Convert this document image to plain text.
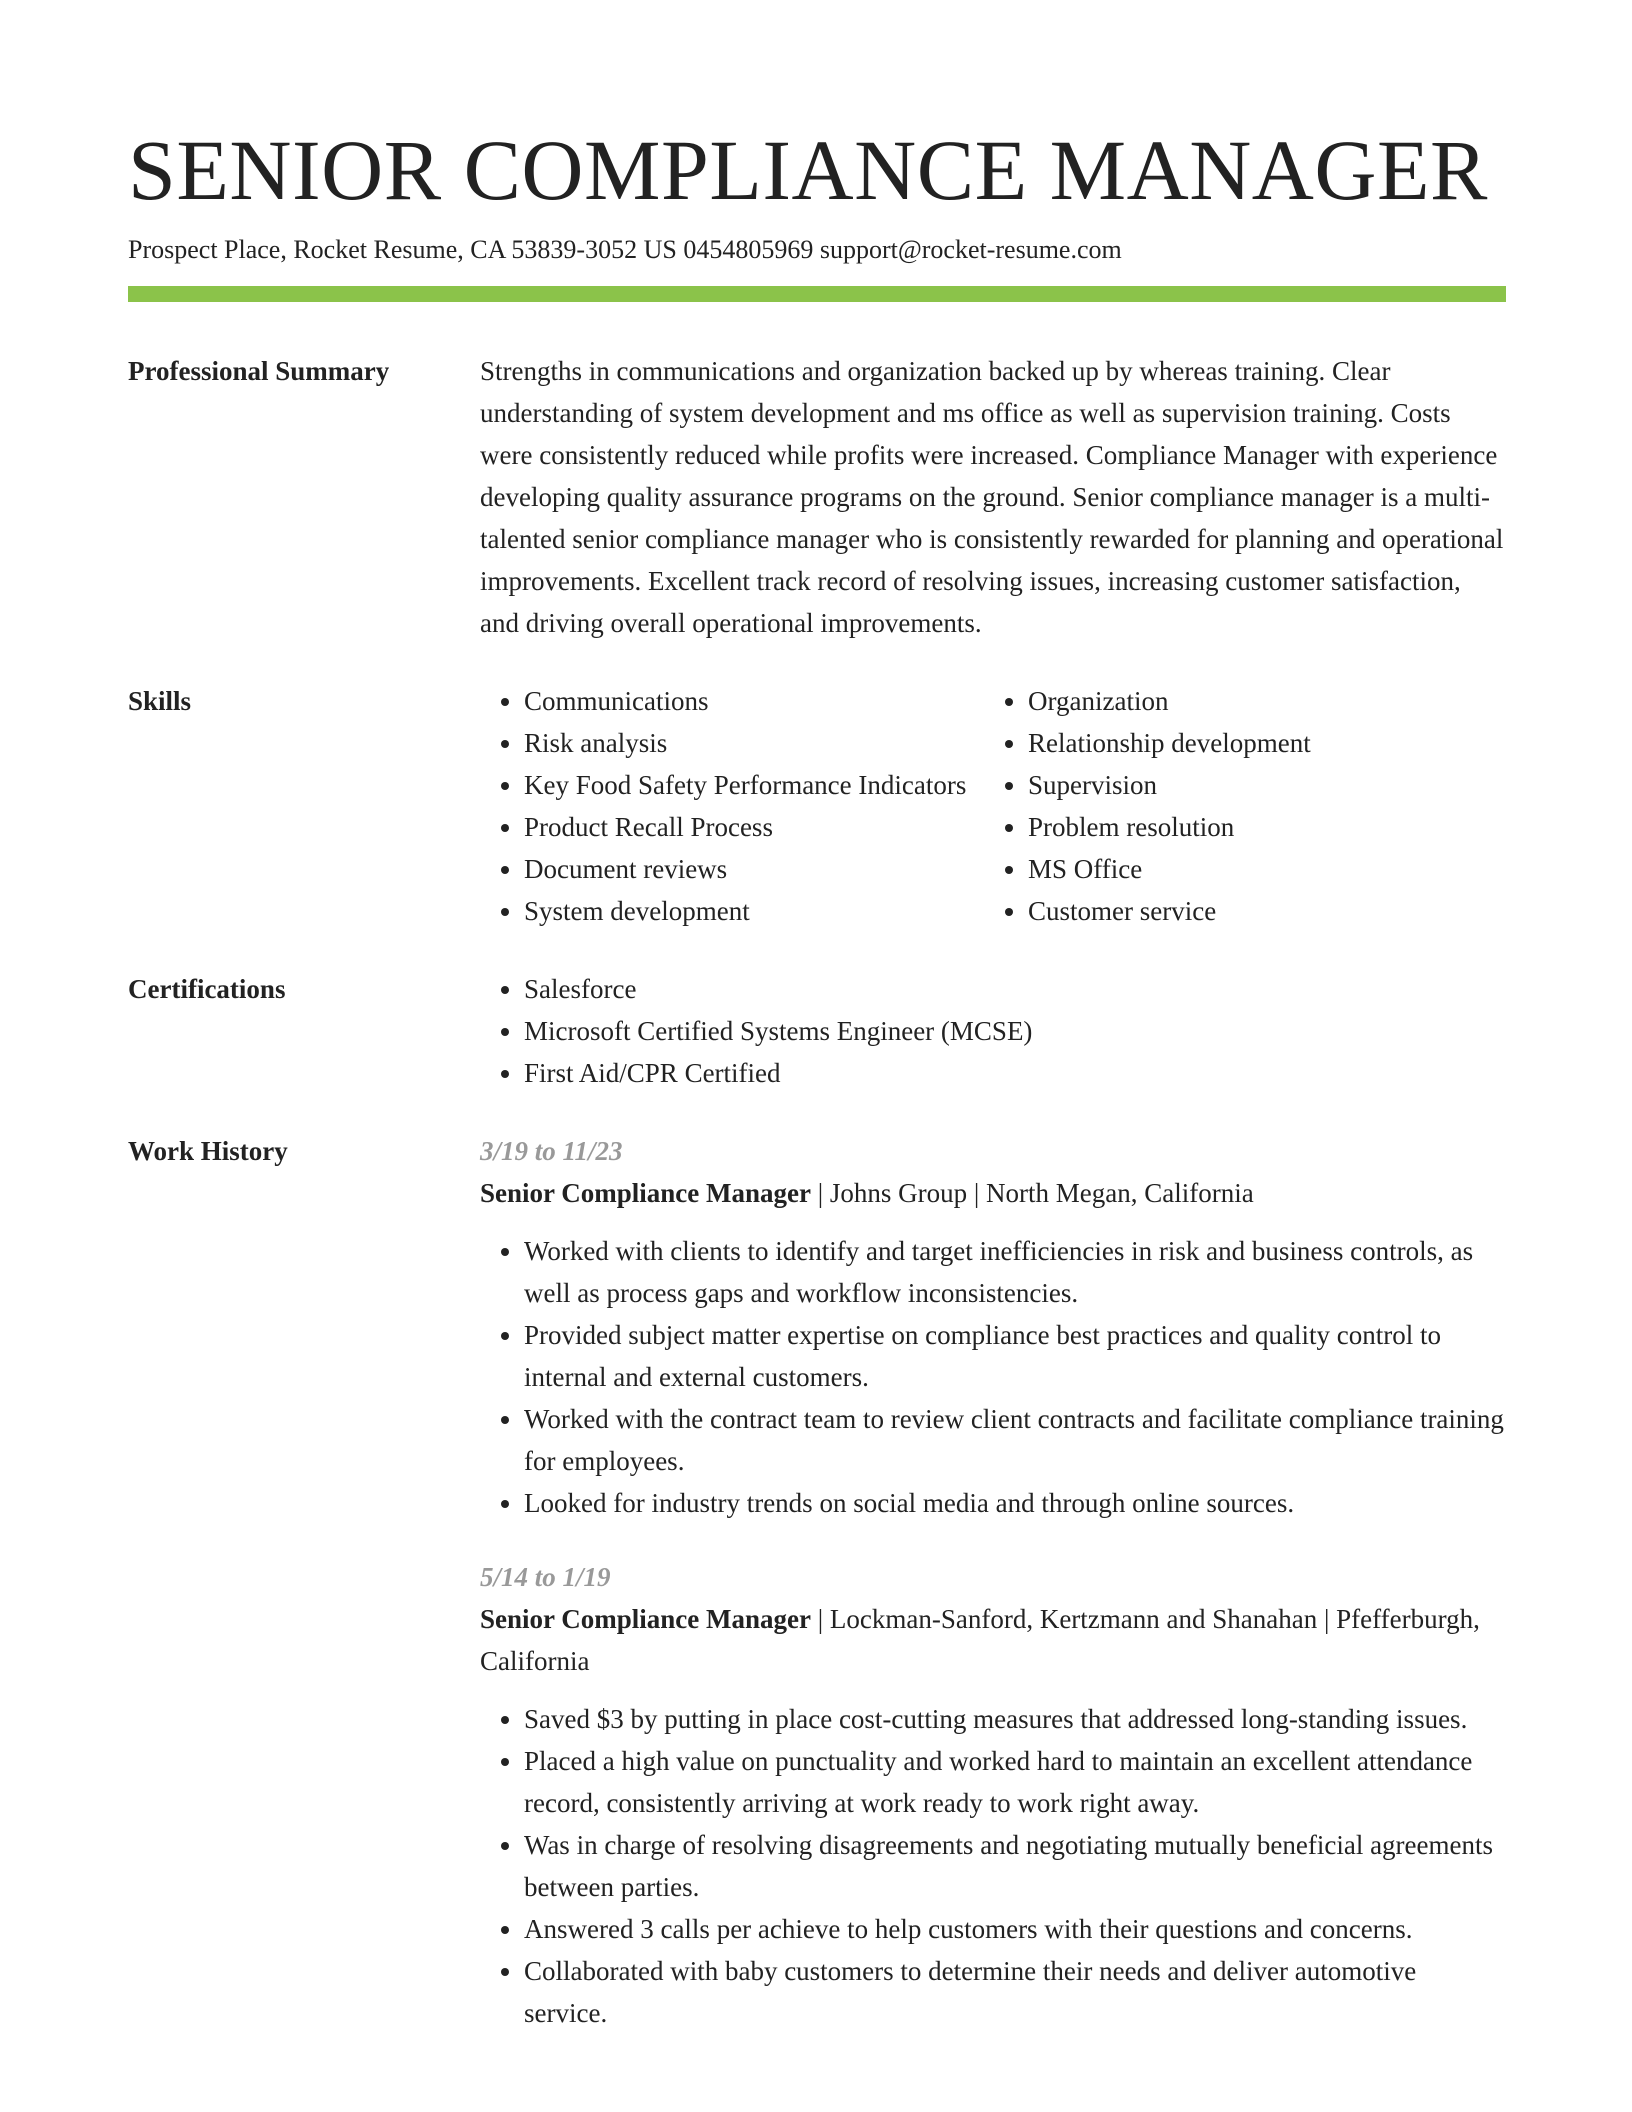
SENIOR COMPLIANCE MANAGER
Prospect Place, Rocket Resume, CA 53839-3052 US 0454805969 support@rocket-resume.com
Professional Summary	Strengths in communications and organization backed up by whereas training. Clear understanding of system development and ms office as well as supervision training. Costs were consistently reduced while profits were increased. Compliance Manager with experience developing quality assurance programs on the ground. Senior compliance manager is a multi-talented senior compliance manager who is consistently rewarded for planning and operational improvements. Excellent track record of resolving issues, increasing customer satisfaction, and driving overall operational improvements.

Skills	• Communications
• Risk analysis
• Key Food Safety Performance Indicators
• Product Recall Process
• Document reviews
• System development
• Organization
• Relationship development
• Supervision
• Problem resolution
• MS Office
• Customer service
Certifications	• Salesforce
• Microsoft Certified Systems Engineer (MCSE)
• First Aid/CPR Certified
Work History	3/19 to 11/23

Senior Compliance Manager | Johns Group | North Megan, California

• Worked with clients to identify and target inefficiencies in risk and business controls, as well as process gaps and workflow inconsistencies.
• Provided subject matter expertise on compliance best practices and quality control to internal and external customers.
• Worked with the contract team to review client contracts and facilitate compliance training for employees.
• Looked for industry trends on social media and through online sources.
5/14 to 1/19

Senior Compliance Manager | Lockman-Sanford, Kertzmann and Shanahan | Pfefferburgh, California

• Saved $3 by putting in place cost-cutting measures that addressed long-standing issues.
• Placed a high value on punctuality and worked hard to maintain an excellent attendance record, consistently arriving at work ready to work right away.
• Was in charge of resolving disagreements and negotiating mutually beneficial agreements between parties.
• Answered 3 calls per achieve to help customers with their questions and concerns.
• Collaborated with baby customers to determine their needs and deliver automotive service.
